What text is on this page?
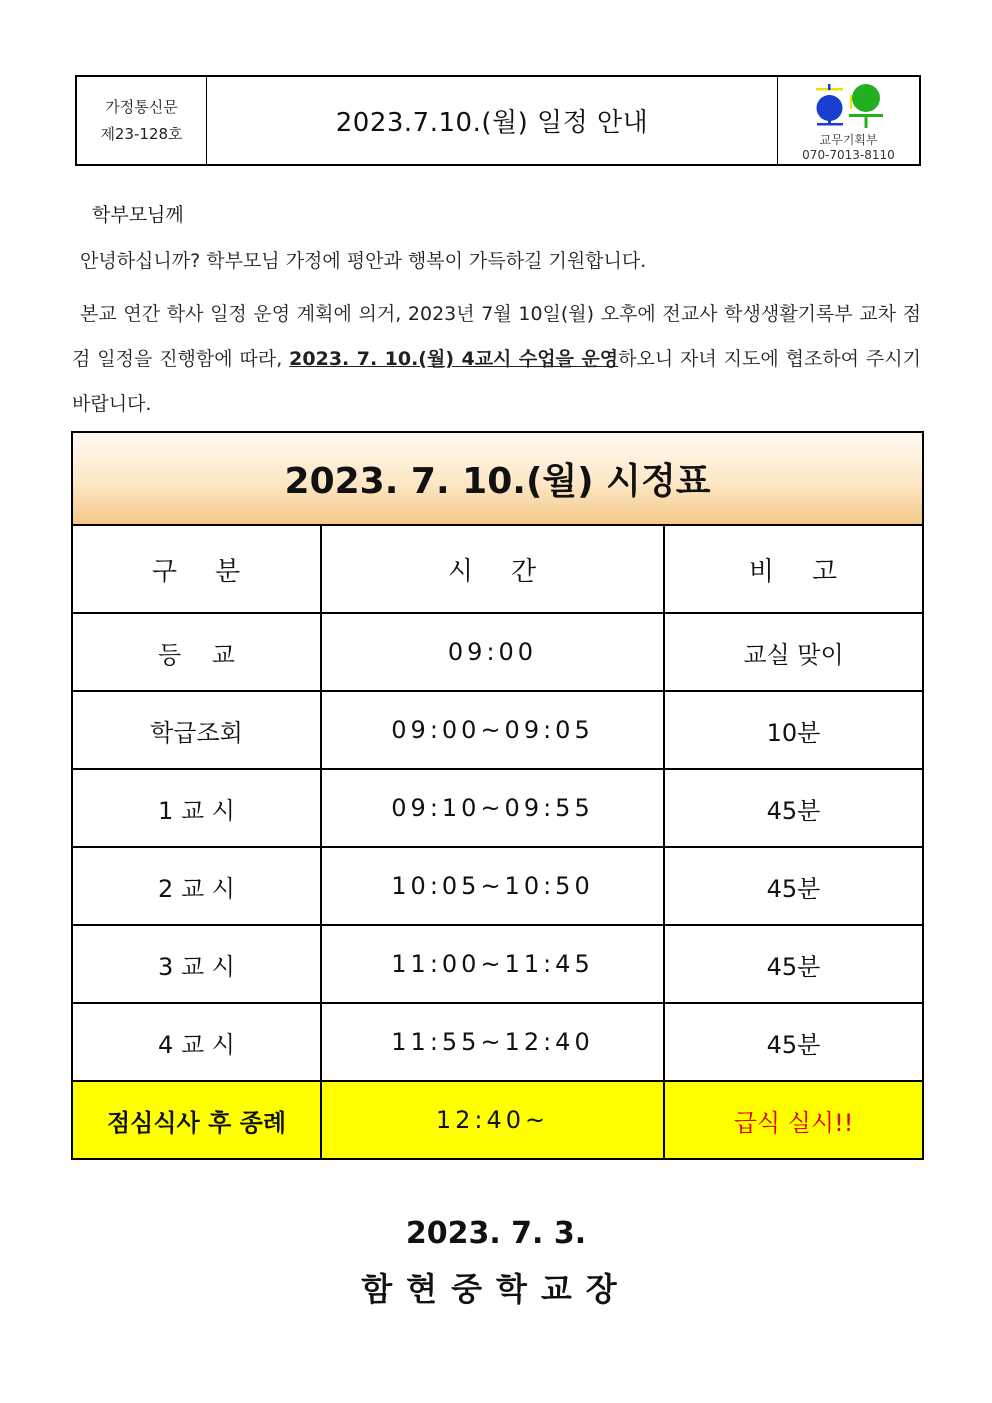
가정통신문
제23-128호	2023.7.10.(월) 일정 안내
교무기획부
070-7013-8110
학부모님께
안녕하십니까? 학부모님 가정에 평안과 행복이 가득하길 기원합니다.
본교 연간 학사 일정 운영 계획에 의거, 2023년 7월 10일(월) 오후에 전교사 학생생활기록부 교차 점검 일정을 진행함에 따라, 2023. 7. 10.(월) 4교시 수업을 운영하오니 자녀 지도에 협조하여 주시기 바랍니다.
2023. 7. 10.(월) 시정표		
구    분	시    간	비    고
등    교	09:00	교실 맞이
학급조회	09:00~09:05	10분
1 교 시	09:10~09:55	45분
2 교 시	10:05~10:50	45분
3 교 시	11:00~11:45	45분
4 교 시	11:55~12:40	45분
점심식사 후 종례	12:40~	급식 실시!!
2023. 7. 3.
함현중학교장
